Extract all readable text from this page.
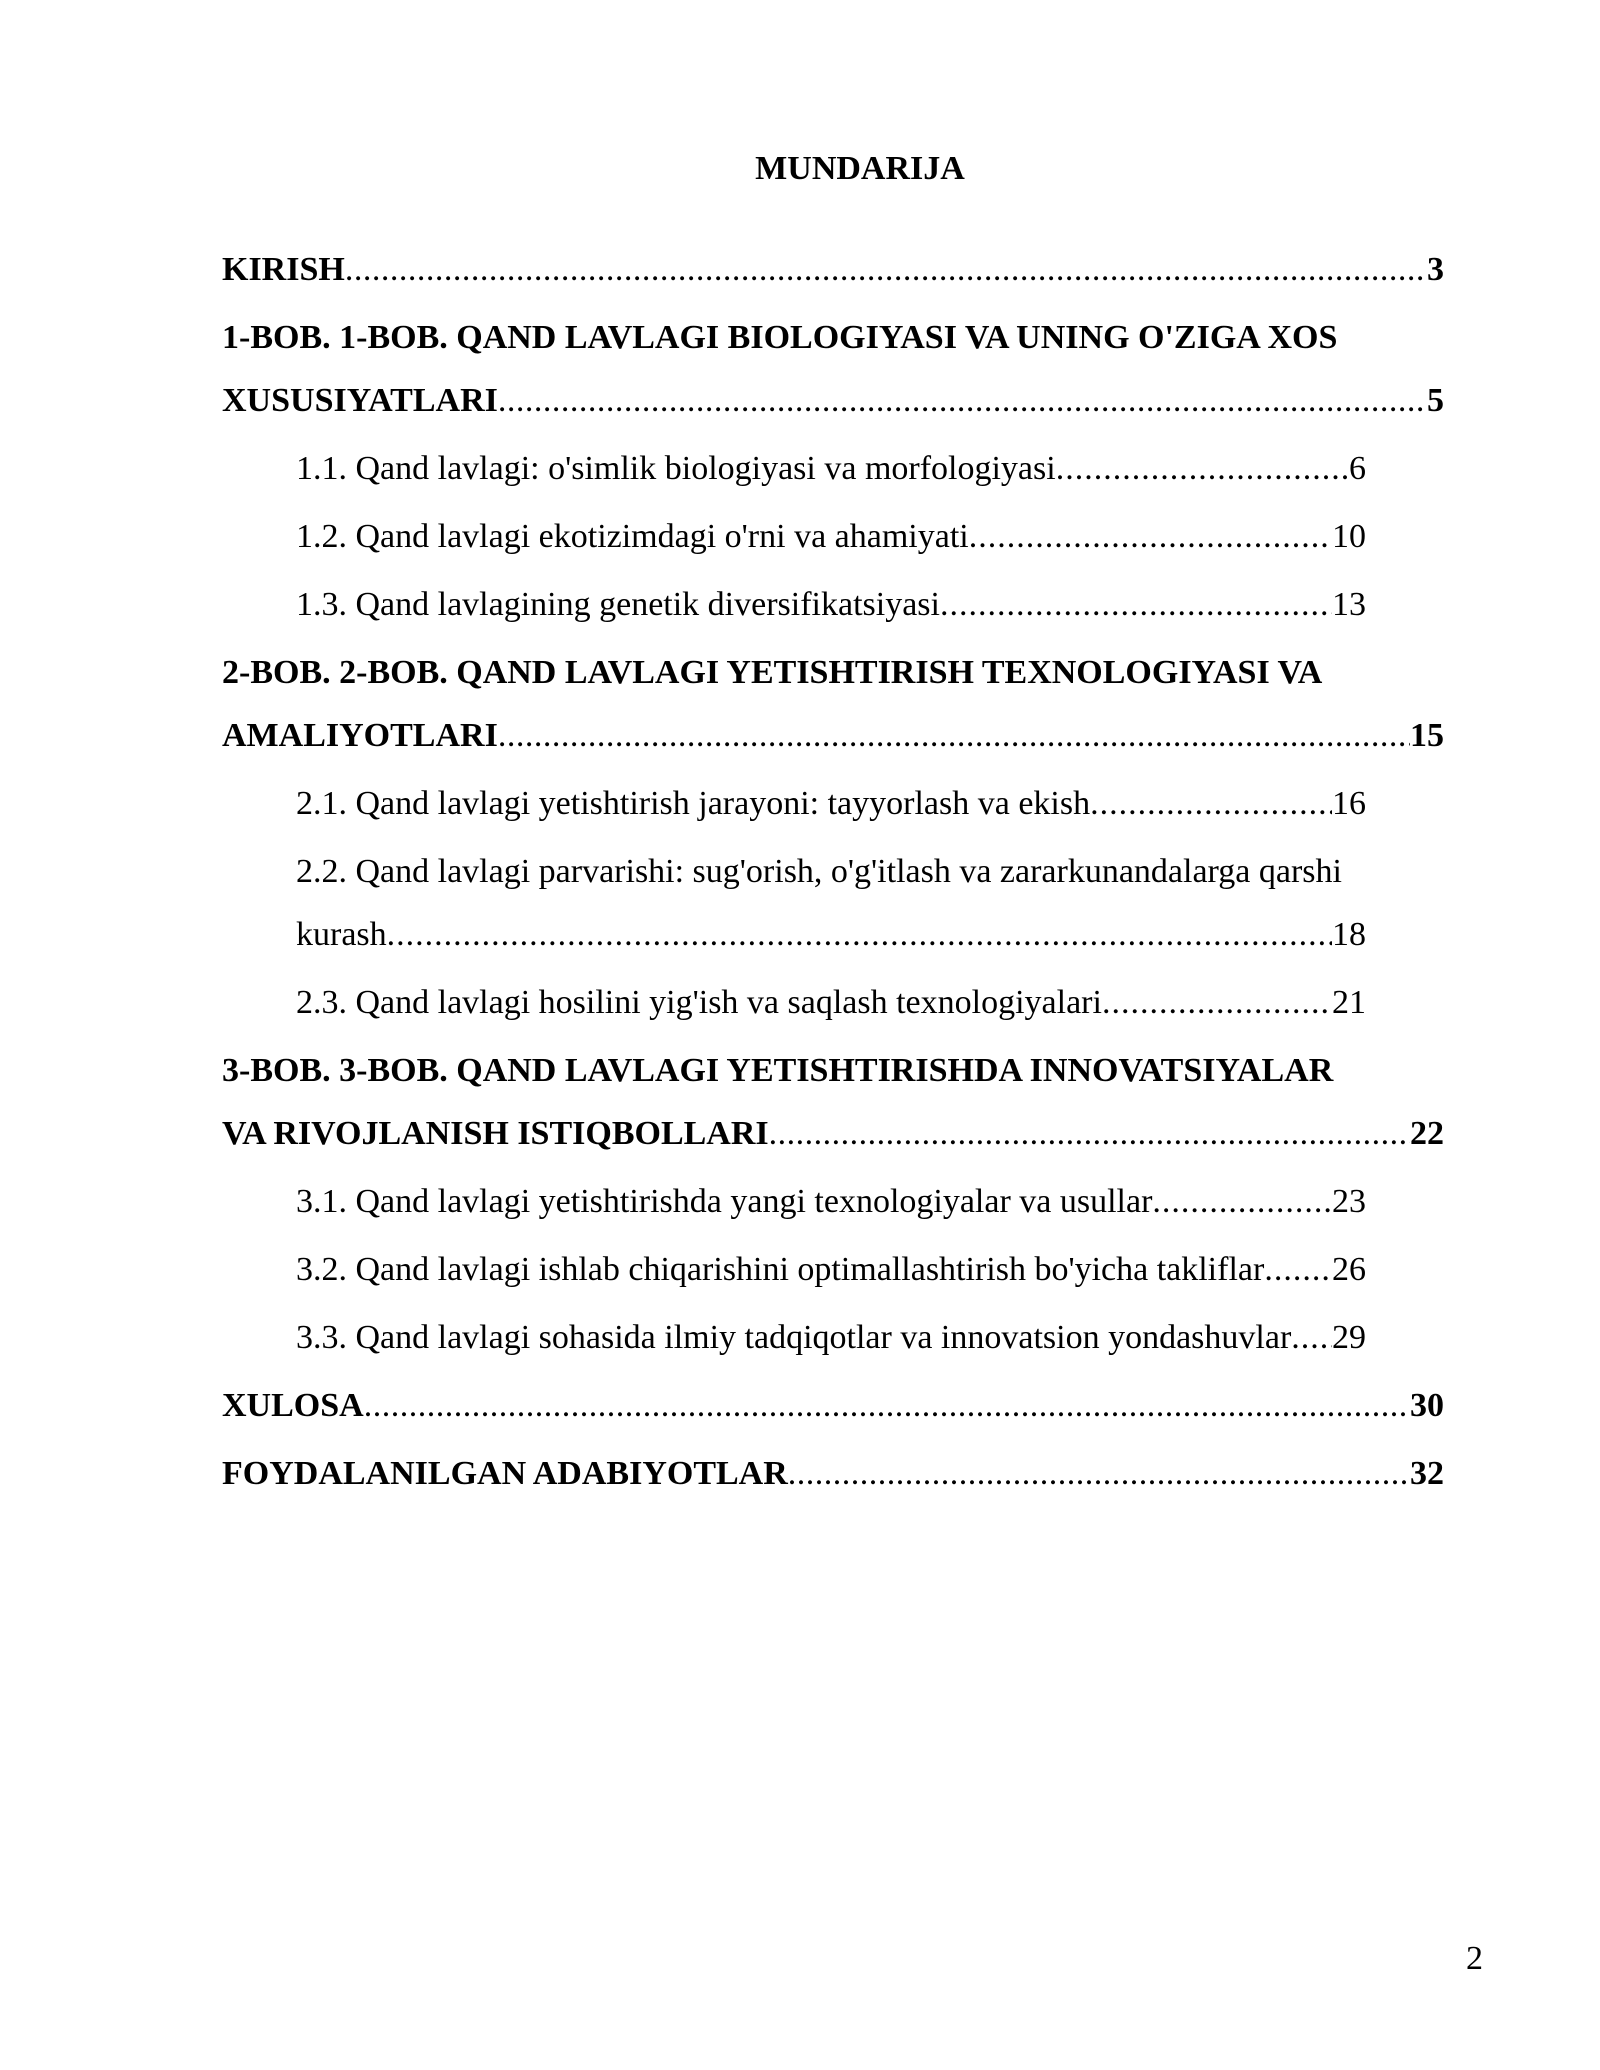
MUNDARIJA
KIRISH .....	3
1-BOB. 1-BOB. QAND LAVLAGI BIOLOGIYASI VA UNING O'ZIGA XOS
XUSUSIYATLARI .....	5
1.1. Qand lavlagi: o'simlik biologiyasi va morfologiyasi .....	6
1.2. Qand lavlagi ekotizimdagi o'rni va ahamiyati .....	10
1.3. Qand lavlagining genetik diversifikatsiyasi .....	13
2-BOB. 2-BOB. QAND LAVLAGI YETISHTIRISH TEXNOLOGIYASI VA
AMALIYOTLARI .....	15
2.1. Qand lavlagi yetishtirish jarayoni: tayyorlash va ekish .....	16
2.2. Qand lavlagi parvarishi: sug'orish, o'g'itlash va zararkunandalarga qarshi
kurash .....	18
2.3. Qand lavlagi hosilini yig'ish va saqlash texnologiyalari .....	21
3-BOB. 3-BOB. QAND LAVLAGI YETISHTIRISHDA INNOVATSIYALAR
VA RIVOJLANISH ISTIQBOLLARI .....	22
3.1. Qand lavlagi yetishtirishda yangi texnologiyalar va usullar .....	23
3.2. Qand lavlagi ishlab chiqarishini optimallashtirish bo'yicha takliflar ..... 26
3.3. Qand lavlagi sohasida ilmiy tadqiqotlar va innovatsion yondashuvlar ..... 29
XULOSA .....	30
FOYDALANILGAN ADABIYOTLAR .....	32
2
